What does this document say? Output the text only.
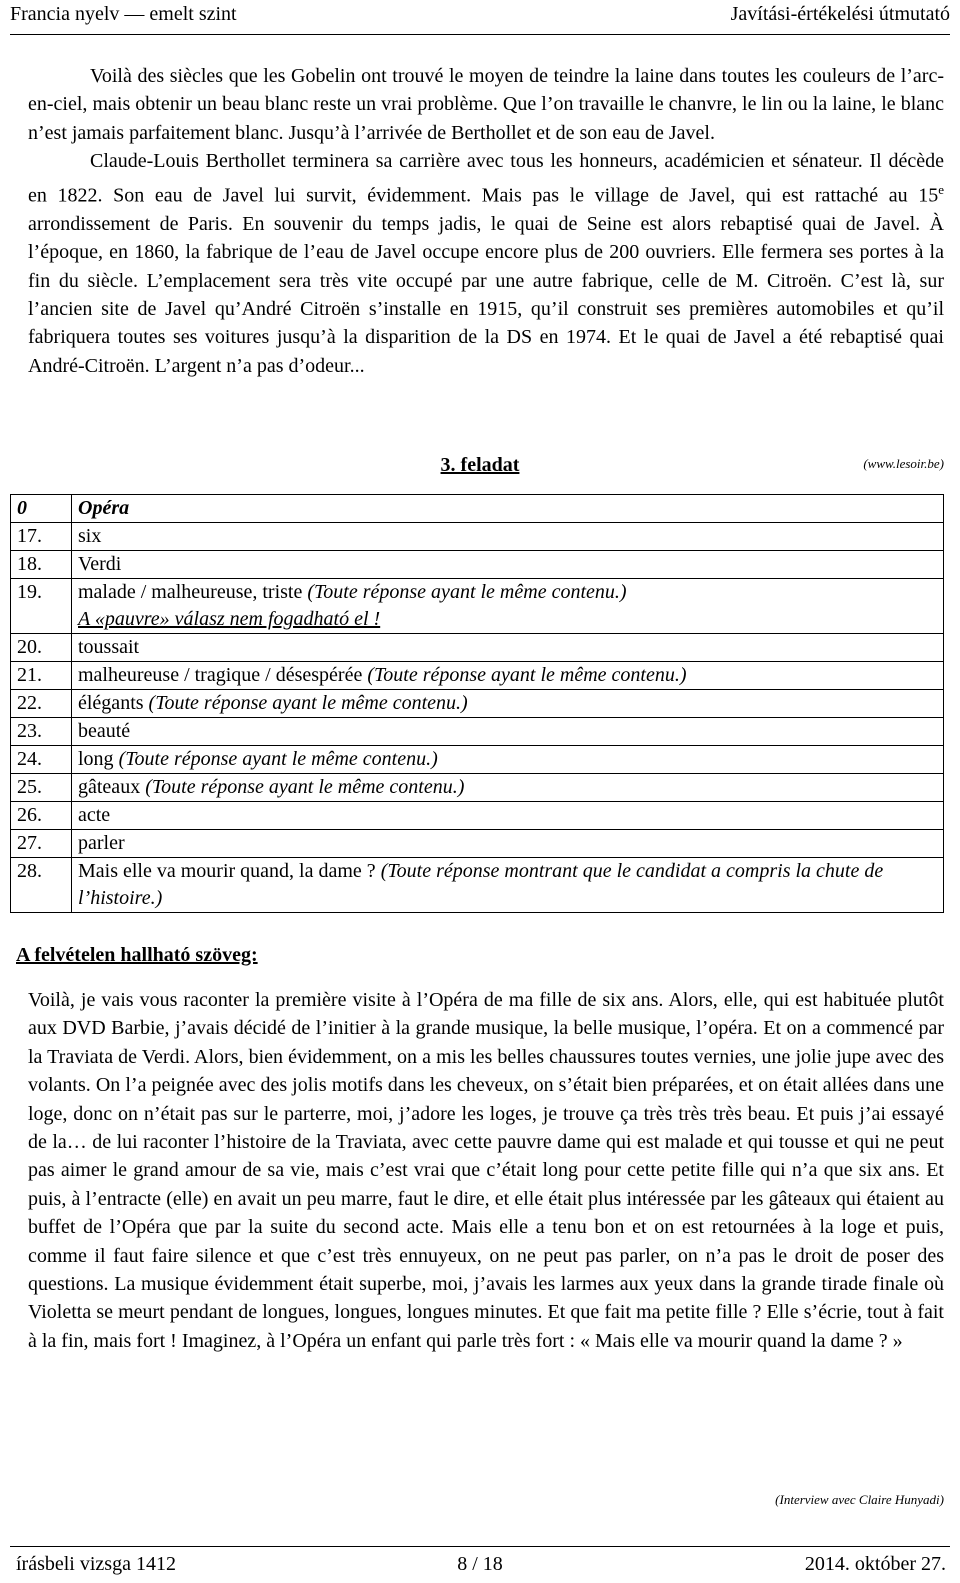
Francia nyelv — emelt szint	Javítási-értékelési útmutató

Voilà des siècles que les Gobelin ont trouvé le moyen de teindre la laine dans toutes les couleurs de l’arc-en-ciel, mais obtenir un beau blanc reste un vrai problème. Que l’on travaille le chanvre, le lin ou la laine, le blanc n’est jamais parfaitement blanc. Jusqu’à l’arrivée de Berthollet et de son eau de Javel.

Claude-Louis Berthollet terminera sa carrière avec tous les honneurs, académicien et sénateur. Il décède en 1822. Son eau de Javel lui survit, évidemment. Mais pas le village de Javel, qui est rattaché au 15e arrondissement de Paris. En souvenir du temps jadis, le quai de Seine est alors rebaptisé quai de Javel. À l’époque, en 1860, la fabrique de l’eau de Javel occupe encore plus de 200 ouvriers. Elle fermera ses portes à la fin du siècle. L’emplacement sera très vite occupé par une autre fabrique, celle de M. Citroën. C’est là, sur l’ancien site de Javel qu’André Citroën s’installe en 1915, qu’il construit ses premières automobiles et qu’il fabriquera toutes ses voitures jusqu’à la disparition de la DS en 1974. Et le quai de Javel a été rebaptisé quai André-Citroën. L’argent n’a pas d’odeur...

(www.lesoir.be)
3. feladat
0	Opéra
17.	six
18.	Verdi
19.	malade / malheureuse, triste (Toute réponse ayant le même contenu.)
A «pauvre» válasz nem fogadható el !
20.	toussait
21.	malheureuse / tragique / désespérée (Toute réponse ayant le même contenu.)
22.	élégants (Toute réponse ayant le même contenu.)
23.	beauté
24.	long (Toute réponse ayant le même contenu.)
25.	gâteaux (Toute réponse ayant le même contenu.)
26.	acte
27.	parler
28.	Mais elle va mourir quand, la dame ? (Toute réponse montrant que le candidat a compris la chute de l’histoire.)
A felvételen hallható szöveg:

Voilà, je vais vous raconter la première visite à l’Opéra de ma fille de six ans. Alors, elle, qui est habituée plutôt aux DVD Barbie, j’avais décidé de l’initier à la grande musique, la belle musique, l’opéra. Et on a commencé par la Traviata de Verdi. Alors, bien évidemment, on a mis les belles chaussures toutes vernies, une jolie jupe avec des volants. On l’a peignée avec des jolis motifs dans les cheveux, on s’était bien préparées, et on était allées dans une loge, donc on n’était pas sur le parterre, moi, j’adore les loges, je trouve ça très très très beau. Et puis j’ai essayé de la… de lui raconter l’histoire de la Traviata, avec cette pauvre dame qui est malade et qui tousse et qui ne peut pas aimer le grand amour de sa vie, mais c’est vrai que c’était long pour cette petite fille qui n’a que six ans. Et puis, à l’entracte (elle) en avait un peu marre, faut le dire, et elle était plus intéressée par les gâteaux qui étaient au buffet de l’Opéra que par la suite du second acte. Mais elle a tenu bon et on est retournées à la loge et puis, comme il faut faire silence et que c’est très ennuyeux, on ne peut pas parler, on n’a pas le droit de poser des questions. La musique évidemment était superbe, moi, j’avais les larmes aux yeux dans la grande tirade finale où Violetta se meurt pendant de longues, longues, longues minutes. Et que fait ma petite fille ? Elle s’écrie, tout à fait à la fin, mais fort ! Imaginez, à l’Opéra un enfant qui parle très fort : « Mais elle va mourir quand la dame ? »

(Interview avec Claire Hunyadi)
írásbeli vizsga 1412	8 / 18	2014. október 27.
